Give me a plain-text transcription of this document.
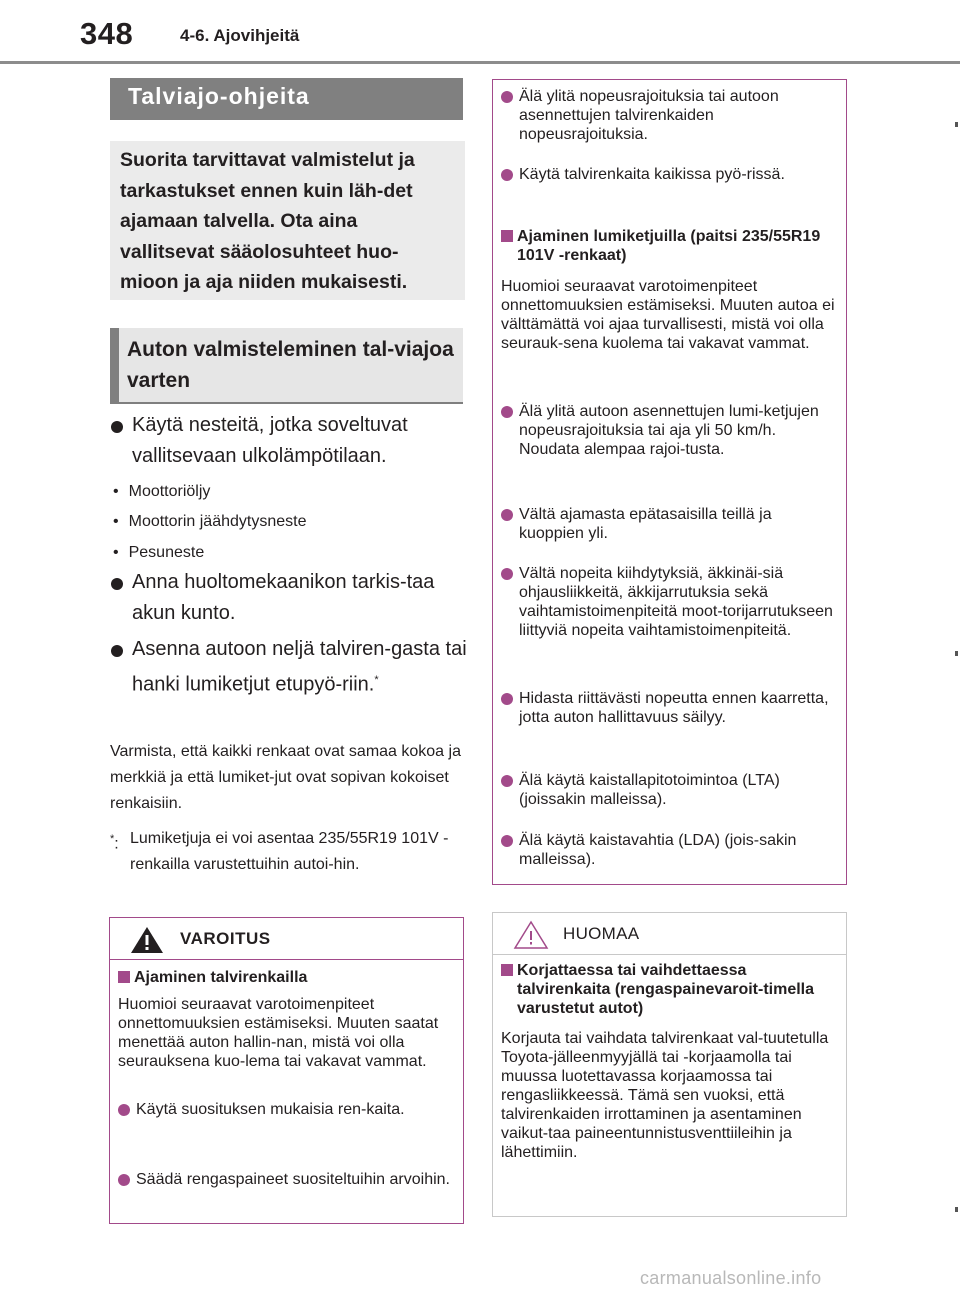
348	4-6. Ajovihjeitä
Talviajo-ohjeita

Suorita tarvittavat valmistelut ja tarkastukset ennen kuin läh-det ajamaan talvella. Ota aina vallitsevat sääolosuhteet huo-mioon ja aja niiden mukaisesti.

Auton valmisteleminen tal-viajoa varten

Käytä nesteitä, jotka soveltuvat vallitsevaan ulkolämpötilaan.
• Moottoriöljy
• Moottorin jäähdytysneste
• Pesuneste
Anna huoltomekaanikon tarkis-taa akun kunto.
Asenna autoon neljä talviren-gasta tai hanki lumiketjut etupyö-riin.*
Varmista, että kaikki renkaat ovat samaa kokoa ja merkkiä ja että lumiket-jut ovat sopivan kokoiset renkaisiin.
*: Lumiketjuja ei voi asentaa 235/55R19 101V -renkailla varustettuihin autoi-hin.
VAROITUS
Ajaminen talvirenkailla
Huomioi seuraavat varotoimenpiteet onnettomuuksien estämiseksi. Muuten saatat menettää auton hallin-nan, mistä voi olla seurauksena kuo-lema tai vakavat vammat.
Käytä suosituksen mukaisia ren-kaita.
Säädä rengaspaineet suositeltuihin arvoihin.
Älä ylitä nopeusrajoituksia tai autoon asennettujen talvirenkaiden nopeusrajoituksia.
Käytä talvirenkaita kaikissa pyö-rissä.
Ajaminen lumiketjuilla (paitsi 235/55R19 101V -renkaat)
Huomioi seuraavat varotoimenpiteet onnettomuuksien estämiseksi. Muuten autoa ei välttämättä voi ajaa turvallisesti, mistä voi olla seurauk-sena kuolema tai vakavat vammat.
Älä ylitä autoon asennettujen lumi-ketjujen nopeusrajoituksia tai aja yli 50 km/h. Noudata alempaa rajoi-tusta.
Vältä ajamasta epätasaisilla teillä ja kuoppien yli.
Vältä nopeita kiihdytyksiä, äkkinäi-siä ohjausliikkeitä, äkkijarrutuksia sekä vaihtamistoimenpiteitä moot-torijarrutukseen liittyviä nopeita vaihtamistoimenpiteitä.
Hidasta riittävästi nopeutta ennen kaarretta, jotta auton hallittavuus säilyy.
Älä käytä kaistallapitotoimintoa (LTA) (joissakin malleissa).
Älä käytä kaistavahtia (LDA) (jois-sakin malleissa).
HUOMAA
Korjattaessa tai vaihdettaessa talvirenkaita (rengaspainevaroit-timella varustetut autot)
Korjauta tai vaihdata talvirenkaat val-tuutetulla Toyota-jälleenmyyjällä tai -korjaamolla tai muussa luotettavassa korjaamossa tai rengasliikkeessä. Tämä sen vuoksi, että talvirenkaiden irrottaminen ja asentaminen vaikut-taa paineentunnistusventtiileihin ja lähettimiin.
carmanualsonline.info
